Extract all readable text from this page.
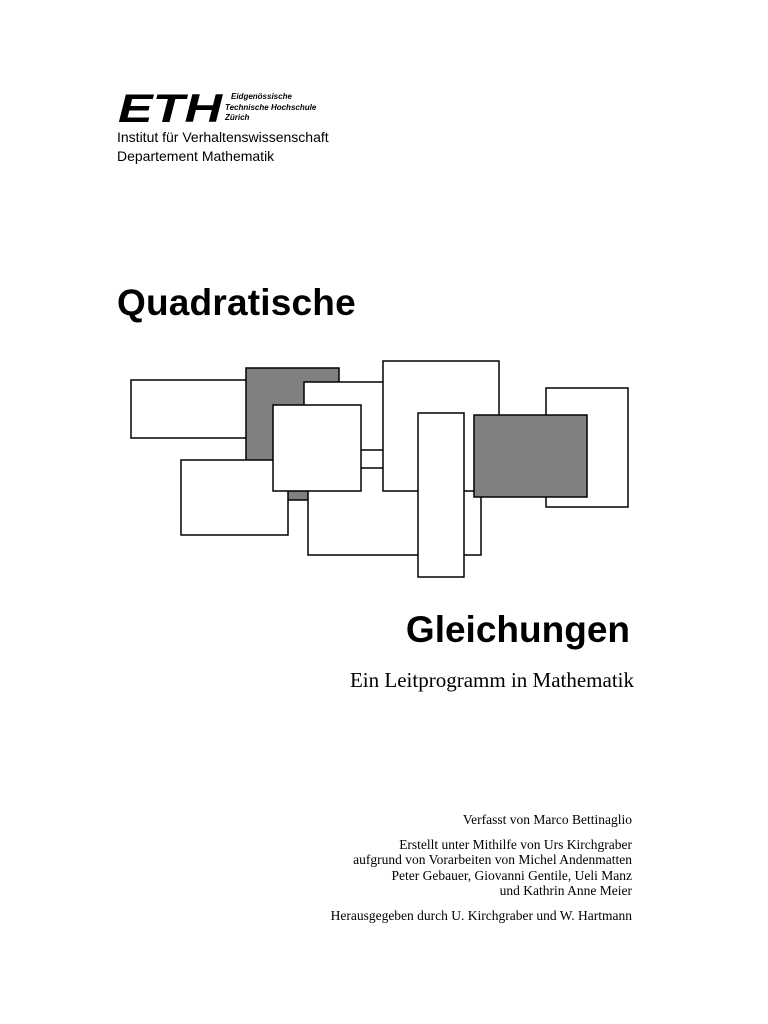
ETH Eidgenössische
Technische Hochschule
Zürich
Institut für Verhaltenswissenschaft
Departement Mathematik
Quadratische
Gleichungen
Ein Leitprogramm in Mathematik
Verfasst von Marco Bettinaglio
Erstellt unter Mithilfe von Urs Kirchgraber
aufgrund von Vorarbeiten von Michel Andenmatten
Peter Gebauer, Giovanni Gentile, Ueli Manz
und Kathrin Anne Meier
Herausgegeben durch U. Kirchgraber und W. Hartmann
